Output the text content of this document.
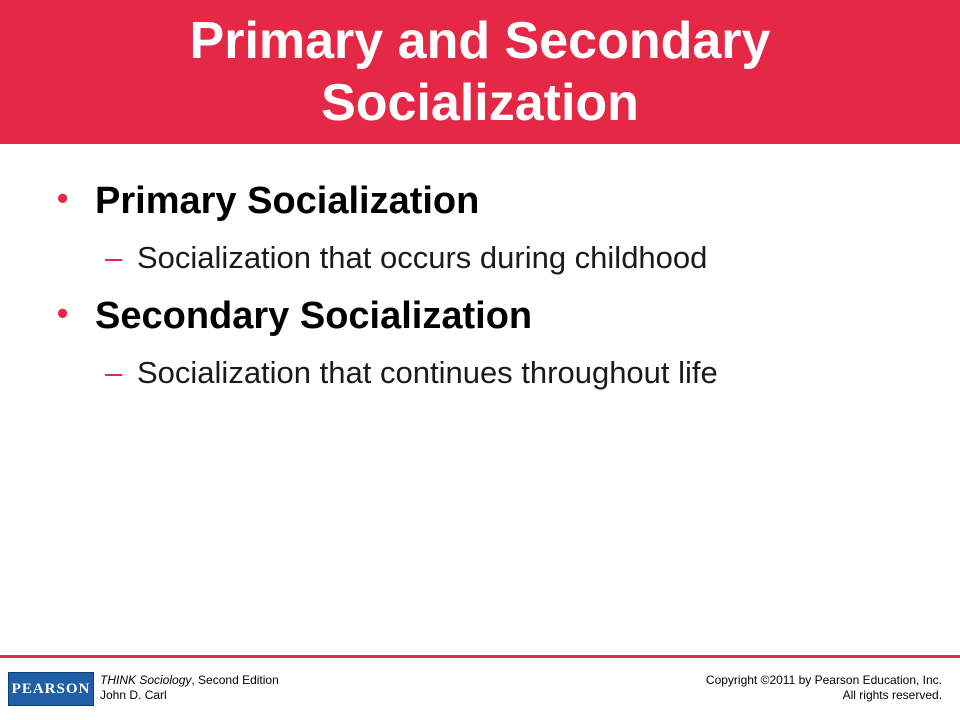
Primary and Secondary Socialization
• Primary Socialization
– Socialization that occurs during childhood
• Secondary Socialization
– Socialization that continues throughout life
PEARSON
THINK Sociology, Second Edition
John D. Carl
Copyright ©2011 by Pearson Education, Inc.
All rights reserved.
